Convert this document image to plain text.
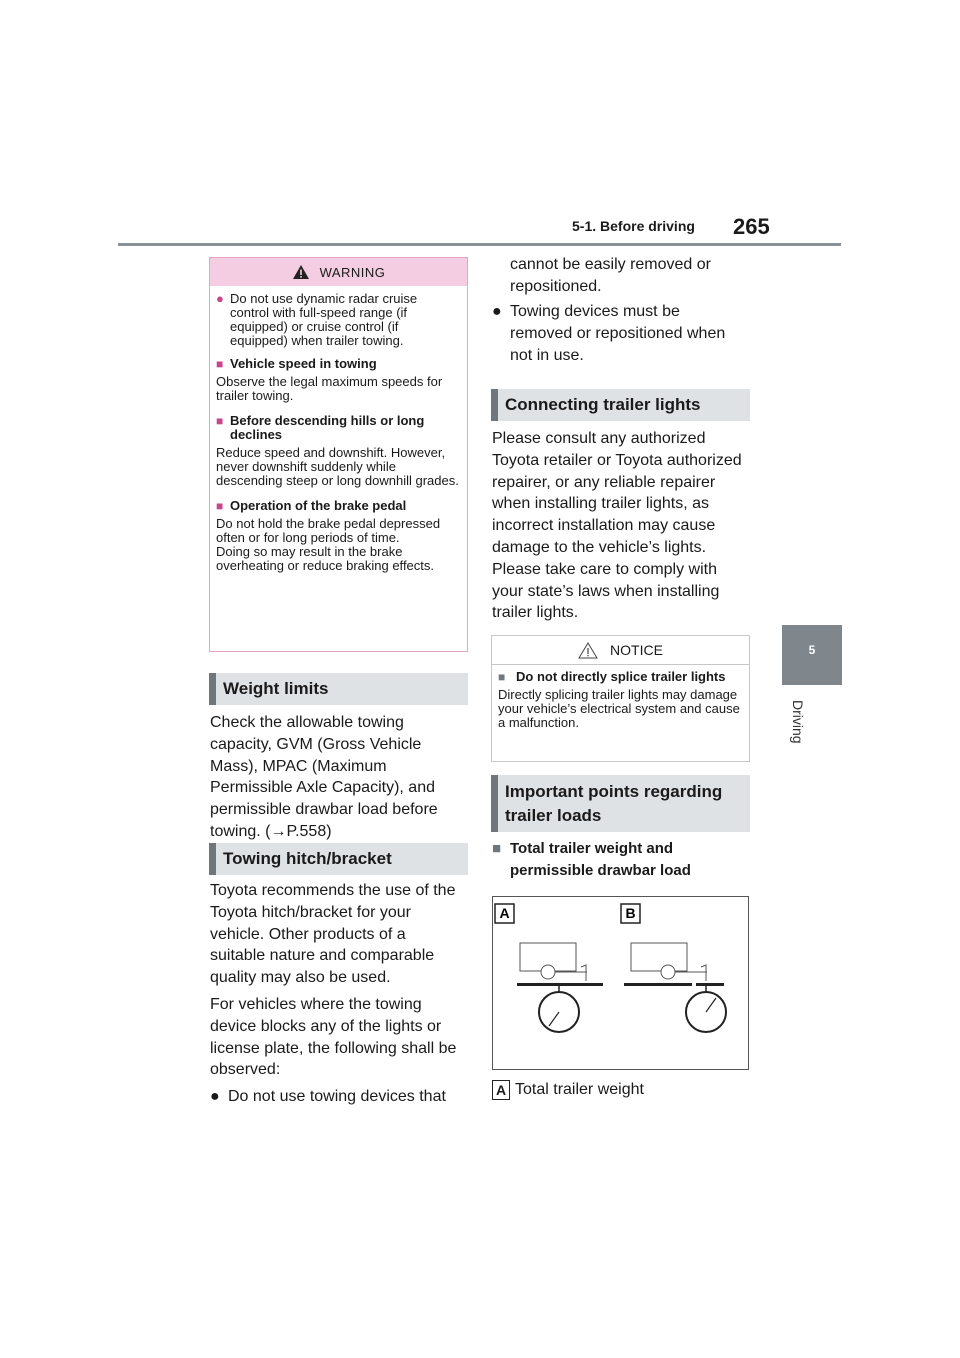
5-1. Before driving 265
5
Driving
WARNING
● Do not use dynamic radar cruise control with full-speed range (if equipped) or cruise control (if equipped) when trailer towing.
■ Vehicle speed in towing
Observe the legal maximum speeds for trailer towing.
■ Before descending hills or long declines
Reduce speed and downshift. However, never downshift suddenly while descending steep or long downhill grades.
■ Operation of the brake pedal
Do not hold the brake pedal depressed often or for long periods of time.
Doing so may result in the brake overheating or reduce braking effects.
Weight limits
Check the allowable towing capacity, GVM (Gross Vehicle Mass), MPAC (Maximum Permissible Axle Capacity), and permissible drawbar load before towing. (→P.558)
Towing hitch/bracket
Toyota recommends the use of the Toyota hitch/bracket for your vehicle. Other products of a suitable nature and comparable quality may also be used.
For vehicles where the towing device blocks any of the lights or license plate, the following shall be observed:
● Do not use towing devices that
cannot be easily removed or repositioned.
● Towing devices must be removed or repositioned when not in use.
Connecting trailer lights
Please consult any authorized Toyota retailer or Toyota authorized repairer, or any reliable repairer when installing trailer lights, as incorrect installation may cause damage to the vehicle’s lights. Please take care to comply with your state’s laws when installing trailer lights.
NOTICE
■ Do not directly splice trailer lights
Directly splicing trailer lights may damage your vehicle’s electrical system and cause a malfunction.
Important points regarding trailer loads
■ Total trailer weight and permissible drawbar load
A	B
A Total trailer weight
